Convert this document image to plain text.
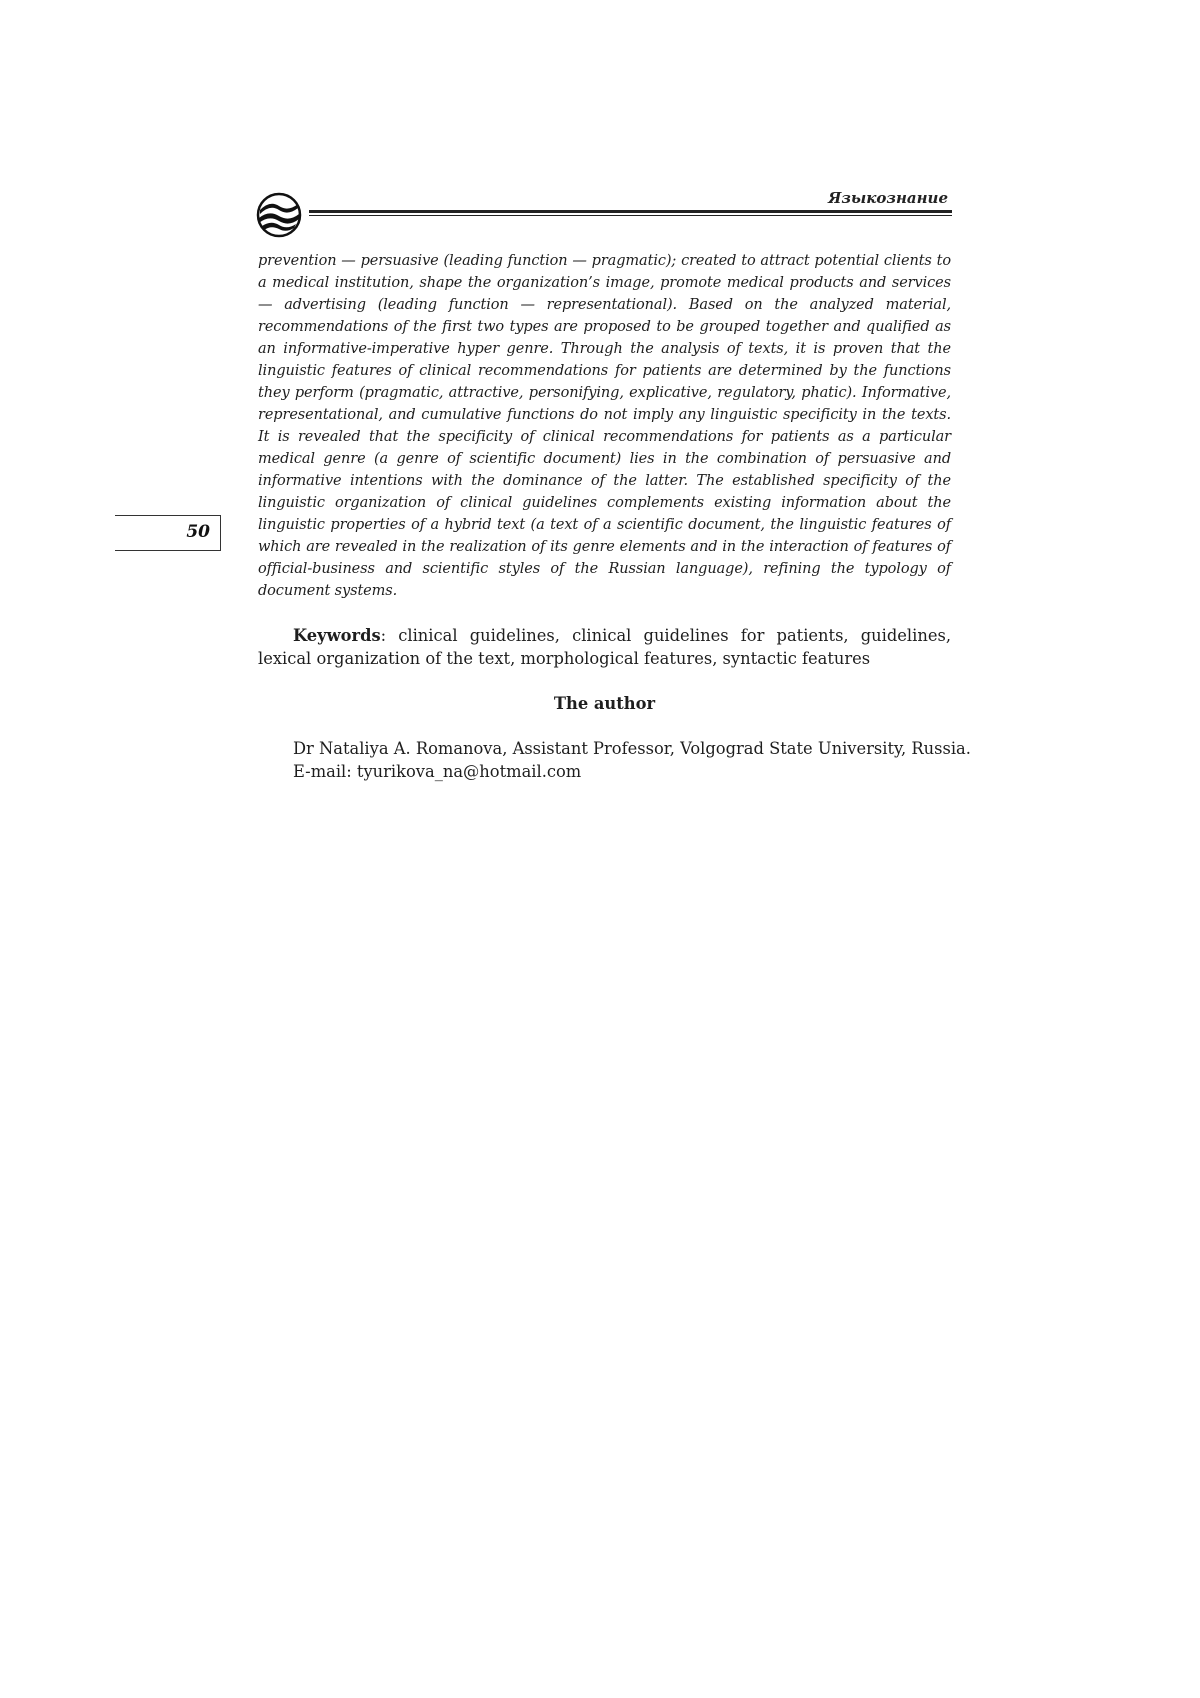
Языкознание
50

prevention — persuasive (leading function — pragmatic); created to attract potential clients to a medical institution, shape the organization’s image, promote medical products and services — advertising (leading function — representational). Based on the analyzed material, recommendations of the first two types are proposed to be grouped together and qualified as an informative-imperative hyper genre. Through the analysis of texts, it is proven that the linguistic features of clinical recommendations for patients are determined by the functions they perform (pragmatic, attractive, personifying, explicative, regulatory, phatic). Informative, representational, and cumulative functions do not imply any linguistic specificity in the texts. It is revealed that the specificity of clinical recommendations for patients as a particular medical genre (a genre of scientific document) lies in the combination of persuasive and informative intentions with the dominance of the latter. The established specificity of the linguistic organization of clinical guidelines complements existing information about the linguistic properties of a hybrid text (a text of a scientific document, the linguistic features of which are revealed in the realization of its genre elements and in the interaction of features of official-business and scientific styles of the Russian language), refining the typology of document systems.

Keywords: clinical guidelines, clinical guidelines for patients, guidelines, lexical organization of the text, morphological features, syntactic features

The author

Dr Nataliya A. Romanova, Assistant Professor, Volgograd State University, Russia.
E-mail: tyurikova_na@hotmail.com
